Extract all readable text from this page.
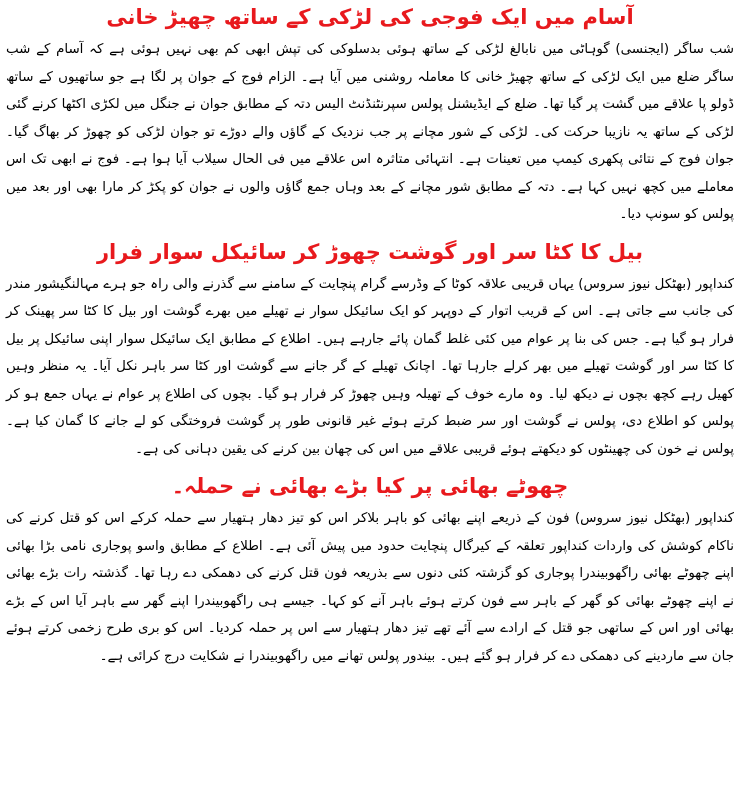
آسام میں ایک فوجی کی لڑکی کے ساتھ چھیڑ خانی

شب ساگر (ایجنسی) گوہاٹی میں نابالغ لڑکی کے ساتھ ہوئی بدسلوکی کی تپش ابھی کم بھی نہیں ہوئی ہے کہ آسام کے شب ساگر ضلع میں ایک لڑکی کے ساتھ چھیڑ خانی کا معاملہ روشنی میں آیا ہے۔ الزام فوج کے جوان پر لگا ہے جو ساتھیوں کے ساتھ ڈولو پا علاقے میں گشت پر گیا تھا۔ ضلع کے ایڈیشنل پولس سپرنٹنڈنٹ الیس دتہ کے مطابق جوان نے جنگل میں لکڑی اکٹھا کرنے گئی لڑکی کے ساتھ یہ نازیبا حرکت کی۔ لڑکی کے شور مچانے پر جب نزدیک کے گاؤں والے دوڑے تو جوان لڑکی کو چھوڑ کر بھاگ گیا۔ جوان فوج کے نتائی پکھری کیمپ میں تعینات ہے۔ انتہائی متاثرہ اس علاقے میں فی الحال سیلاب آیا ہوا ہے۔ فوج نے ابھی تک اس معاملے میں کچھ نہیں کہا ہے۔ دتہ کے مطابق شور مچانے کے بعد وہاں جمع گاؤں والوں نے جوان کو پکڑ کر مارا بھی اور بعد میں پولس کو سونپ دیا۔

بیل کا کٹا سر اور گوشت چھوڑ کر سائیکل سوار فرار

کنداپور (بھٹکل نیوز سروس) یہاں قریبی علاقہ کوٹا کے وڈرسے گرام پنچایت کے سامنے سے گذرنے والی راہ جو ہرے مہالنگیشور مندر کی جانب سے جاتی ہے۔ اس کے قریب اتوار کے دوپہر کو ایک سائیکل سوار نے تھیلے میں بھرے گوشت اور بیل کا کٹا سر پھینک کر فرار ہو گیا ہے۔ جس کی بنا پر عوام میں کئی غلط گمان پائے جارہے ہیں۔ اطلاع کے مطابق ایک سائیکل سوار اپنی سائیکل پر بیل کا کٹا سر اور گوشت تھیلے میں بھر کرلے جارہا تھا۔ اچانک تھیلے کے گر جانے سے گوشت اور کٹا سر باہر نکل آیا۔ یہ منظر وہیں کھیل رہے کچھ بچوں نے دیکھ لیا۔ وہ مارے خوف کے تھیلہ وہیں چھوڑ کر فرار ہو گیا۔ بچوں کی اطلاع پر عوام نے یہاں جمع ہو کر پولس کو اطلاع دی، پولس نے گوشت اور سر ضبط کرتے ہوئے غیر قانونی طور پر گوشت فروختگی کو لے جانے کا گمان کیا ہے۔ پولس نے خون کی چھینٹوں کو دیکھتے ہوئے قریبی علاقے میں اس کی چھان بین کرنے کی یقین دہانی کی ہے۔

چھوٹے بھائی پر کیا بڑے بھائی نے حملہ۔

کنداپور (بھٹکل نیوز سروس) فون کے ذریعے اپنے بھائی کو باہر بلاکر اس کو تیز دھار ہتھیار سے حملہ کرکے اس کو قتل کرنے کی ناکام کوشش کی واردات کنداپور تعلقہ کے کیرگال پنچایت حدود میں پیش آئی ہے۔ اطلاع کے مطابق واسو پوجاری نامی بڑا بھائی اپنے چھوٹے بھائی راگھوبیندرا پوجاری کو گزشتہ کئی دنوں سے بذریعہ فون قتل کرنے کی دھمکی دے رہا تھا۔ گذشتہ رات بڑے بھائی نے اپنے چھوٹے بھائی کو گھر کے باہر سے فون کرتے ہوئے باہر آنے کو کہا۔ جیسے ہی راگھوبیندرا اپنے گھر سے باہر آیا اس کے بڑے بھائی اور اس کے ساتھی جو قتل کے ارادے سے آئے تھے تیز دھار ہتھیار سے اس پر حملہ کردیا۔ اس کو بری طرح زخمی کرتے ہوئے جان سے ماردینے کی دھمکی دے کر فرار ہو گئے ہیں۔ بیندور پولس تھانے میں راگھوبیندرا نے شکایت درج کرائی ہے۔
